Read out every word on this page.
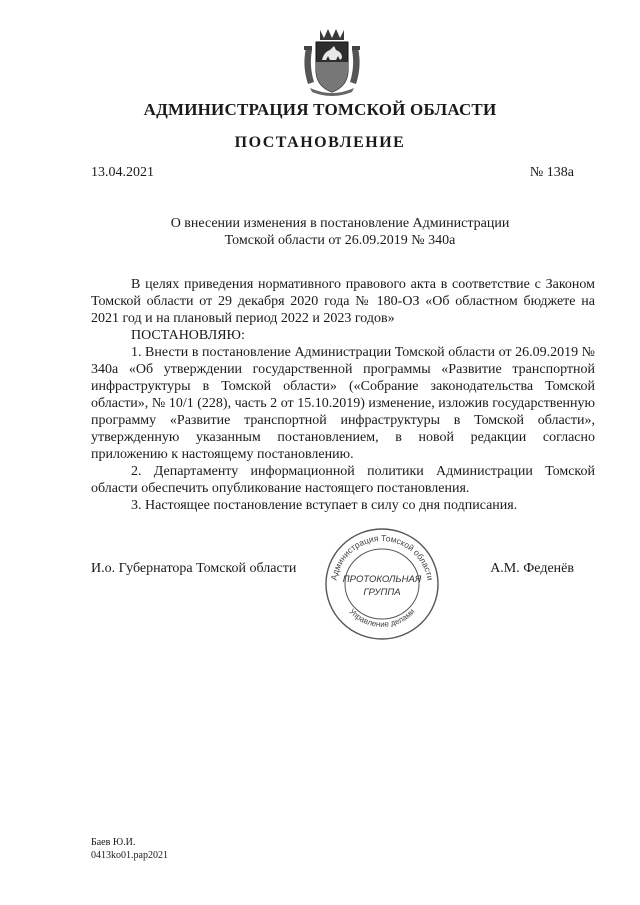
АДМИНИСТРАЦИЯ ТОМСКОЙ ОБЛАСТИ
ПОСТАНОВЛЕНИЕ
13.04.2021	№ 138а
О внесении изменения в постановление Администрации
Томской области от 26.09.2019 № 340а

В целях приведения нормативного правового акта в соответствие с Законом Томской области от 29 декабря 2020 года № 180-ОЗ «Об областном бюджете на 2021 год и на плановый период 2022 и 2023 годов»

ПОСТАНОВЛЯЮ:

1. Внести в постановление Администрации Томской области от 26.09.2019 № 340а «Об утверждении государственной программы «Развитие транспортной инфраструктуры в Томской области» («Собрание законодательства Томской области», № 10/1 (228), часть 2 от 15.10.2019) изменение, изложив государственную программу «Развитие транспортной инфраструктуры в Томской области», утвержденную указанным постановлением, в новой редакции согласно приложению к настоящему постановлению.

2. Департаменту информационной политики Администрации Томской области обеспечить опубликование настоящего постановления.

3. Настоящее постановление вступает в силу со дня подписания.

И.о. Губернатора Томской области	А.М. Феденёв
Администрация Томской области
Управление делами
ПРОТОКОЛЬНАЯ
ГРУППА
Баев Ю.И.
0413ko01.pap2021
